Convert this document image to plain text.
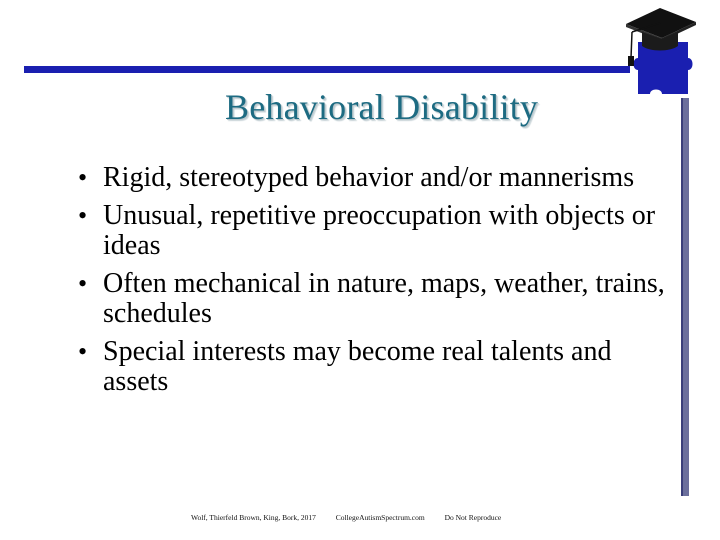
Behavioral Disability
• Rigid, stereotyped behavior and/or mannerisms
• Unusual, repetitive preoccupation with objects or ideas
• Often mechanical in nature, maps, weather, trains, schedules
• Special interests may become real talents and assets
Wolf, Thierfeld Brown, King, Bork, 2017	CollegeAutismSpectrum.com	Do Not Reproduce
